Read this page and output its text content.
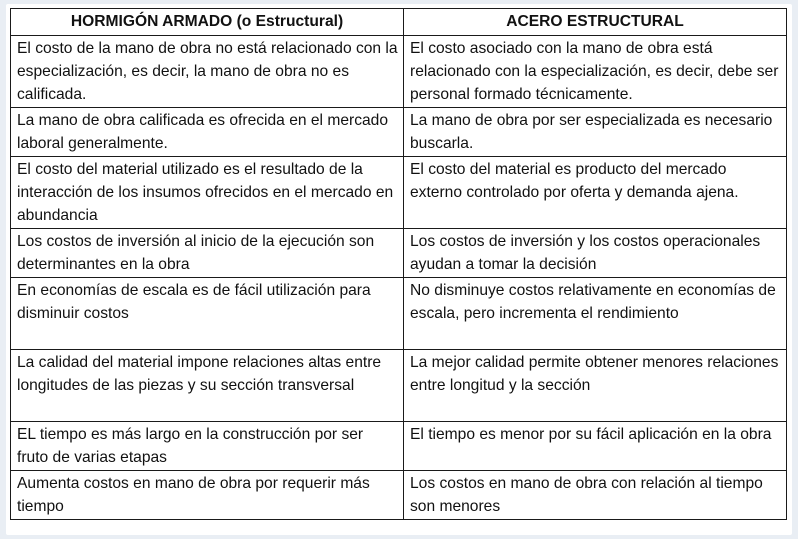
HORMIGÓN ARMADO (o Estructural)	ACERO ESTRUCTURAL

El costo de la mano de obra no está relacionado con la especialización, es decir, la mano de obra no es calificada.	El costo asociado con la mano de obra está relacionado con la especialización, es decir, debe ser personal formado técnicamente.

La mano de obra calificada es ofrecida en el mercado laboral generalmente.	La mano de obra por ser especializada es necesario buscarla.

El costo del material utilizado es el resultado de la interacción de los insumos ofrecidos en el mercado en abundancia	El costo del material es producto del mercado externo controlado por oferta y demanda ajena.

Los costos de inversión al inicio de la ejecución son determinantes en la obra	Los costos de inversión y los costos operacionales ayudan a tomar la decisión

En economías de escala es de fácil utilización para disminuir costos	No disminuye costos relativamente en economías de escala, pero incrementa el rendimiento

La calidad del material impone relaciones altas entre longitudes de las piezas y su sección transversal	La mejor calidad permite obtener menores relaciones entre longitud y la sección

EL tiempo es más largo en la construcción por ser fruto de varias etapas	El tiempo es menor por su fácil aplicación en la obra

Aumenta costos en mano de obra por requerir más tiempo	Los costos en mano de obra con relación al tiempo son menores
